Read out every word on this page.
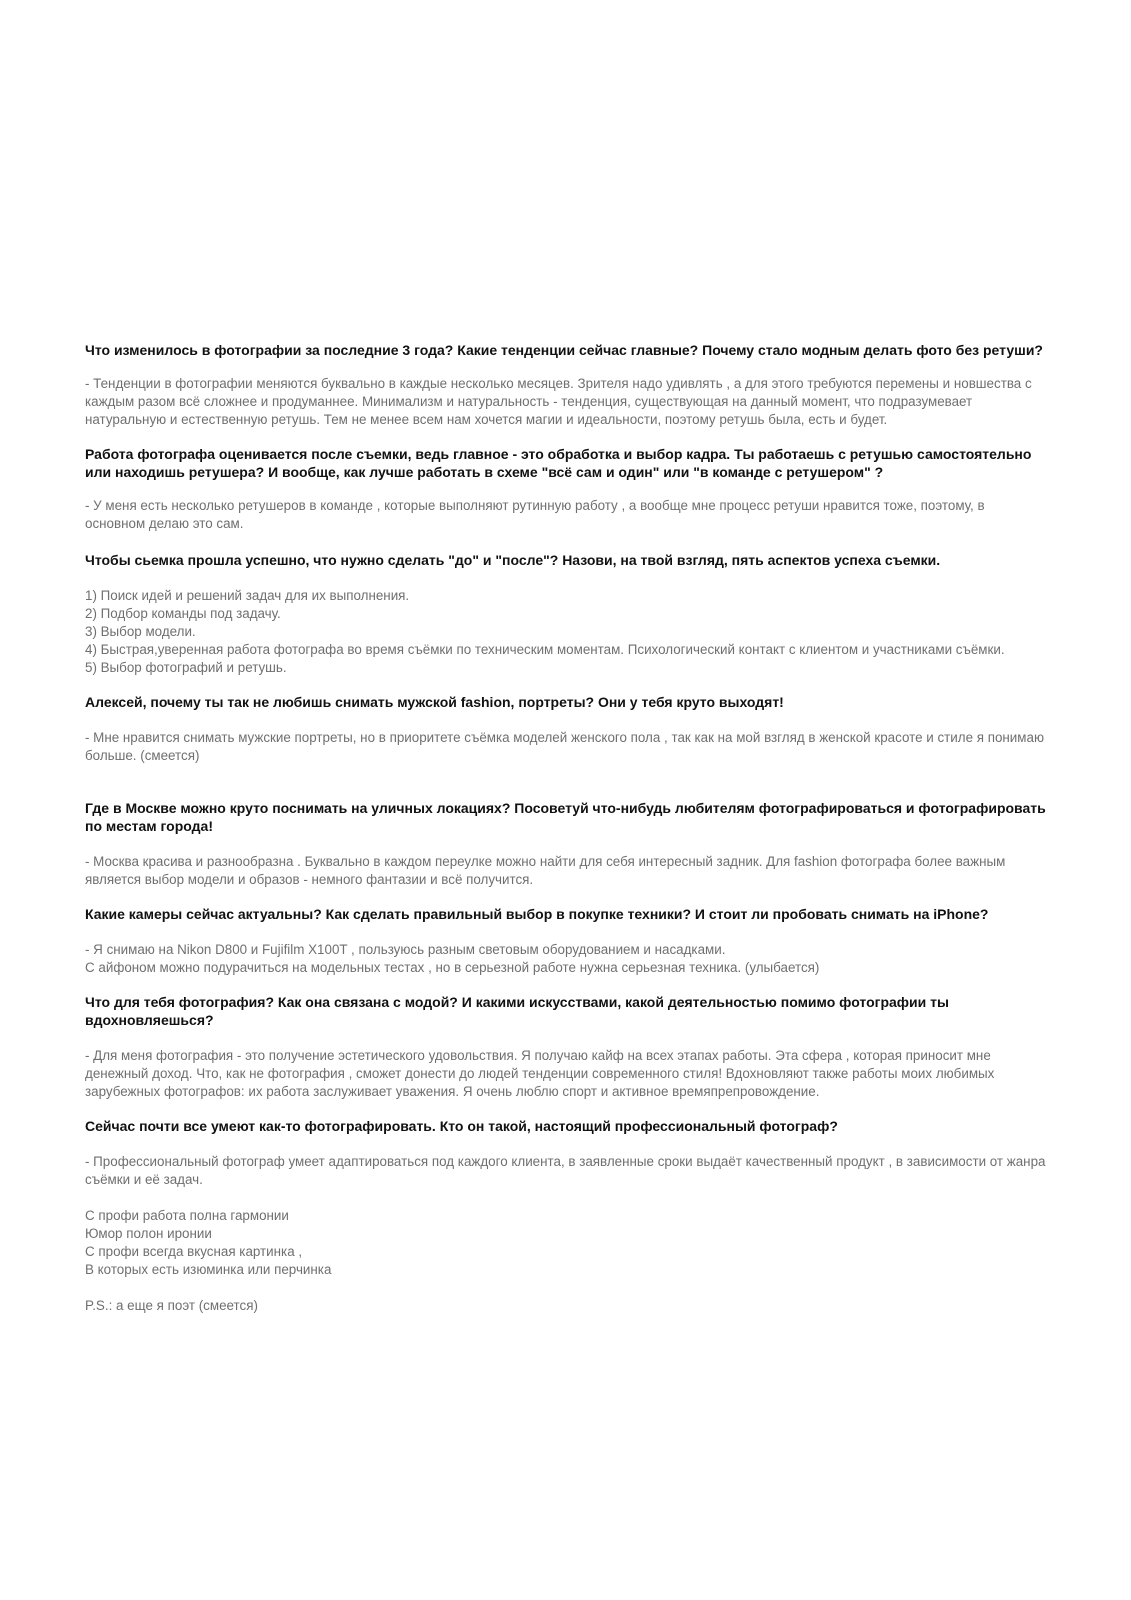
Что изменилось в фотографии за последние 3 года? Какие тенденции сейчас главные? Почему стало модным делать фото без ретуши?

- Тенденции в фотографии меняются буквально в каждые несколько месяцев. Зрителя надо удивлять , а для этого требуются перемены и новшества с каждым разом всё сложнее и продуманнее. Минимализм и натуральность - тенденция, существующая на данный момент, что подразумевает натуральную и естественную ретушь. Тем не менее всем нам хочется магии и идеальности, поэтому ретушь была, есть и будет.

Работа фотографа оценивается после съемки, ведь главное - это обработка и выбор кадра. Ты работаешь с ретушью самостоятельно или находишь ретушера? И вообще, как лучше работать в схеме "всё сам и один" или "в команде с ретушером" ?

- У меня есть несколько ретушеров в команде , которые выполняют рутинную работу , а вообще мне процесс ретуши нравится тоже, поэтому, в основном делаю это сам.

Чтобы сьемка прошла успешно, что нужно сделать "до" и "после"? Назови, на твой взгляд, пять аспектов успеха съемки.

1) Поиск идей и решений задач для их выполнения.
2) Подбор команды под задачу.
3) Выбор модели.
4) Быстрая,уверенная работа фотографа во время съёмки по техническим моментам. Психологический контакт с клиентом и участниками съёмки.
5) Выбор фотографий и ретушь.

Алексей, почему ты так не любишь снимать мужской fashion, портреты? Они у тебя круто выходят!

- Мне нравится снимать мужские портреты, но в приоритете съёмка моделей женского пола , так как на мой взгляд в женской красоте и стиле я понимаю больше. (смеется)

Где в Москве можно круто поснимать на уличных локациях? Посоветуй что-нибудь любителям фотографироваться и фотографировать по местам города!

- Москва красива и разнообразна . Буквально в каждом переулке можно найти для себя интересный задник. Для fashion фотографа более важным является выбор модели и образов - немного фантазии и всё получится.

Какие камеры сейчас актуальны? Как сделать правильный выбор в покупке техники? И стоит ли пробовать снимать на iPhone?

- Я снимаю на Nikon D800 и Fujifilm X100T , пользуюсь разным световым оборудованием и насадками.
С айфоном можно подурачиться на модельных тестах , но в серьезной работе нужна серьезная техника. (улыбается)

Что для тебя фотография? Как она связана с модой? И какими искусствами, какой деятельностью помимо фотографии ты вдохновляешься?

- Для меня фотография - это получение эстетического удовольствия. Я получаю кайф на всех этапах работы. Эта сфера , которая приносит мне денежный доход. Что, как не фотография , сможет донести до людей тенденции современного стиля! Вдохновляют также работы моих любимых зарубежных фотографов: их работа заслуживает уважения. Я очень люблю спорт и активное времяпрепровождение.

Сейчас почти все умеют как-то фотографировать. Кто он такой, настоящий профессиональный фотограф?

- Профессиональный фотограф умеет адаптироваться под каждого клиента, в заявленные сроки выдаёт качественный продукт , в зависимости от жанра съёмки и её задач.

С профи работа полна гармонии
Юмор полон иронии
С профи всегда вкусная картинка ,
В которых есть изюминка или перчинка

P.S.: а еще я поэт (смеется)
